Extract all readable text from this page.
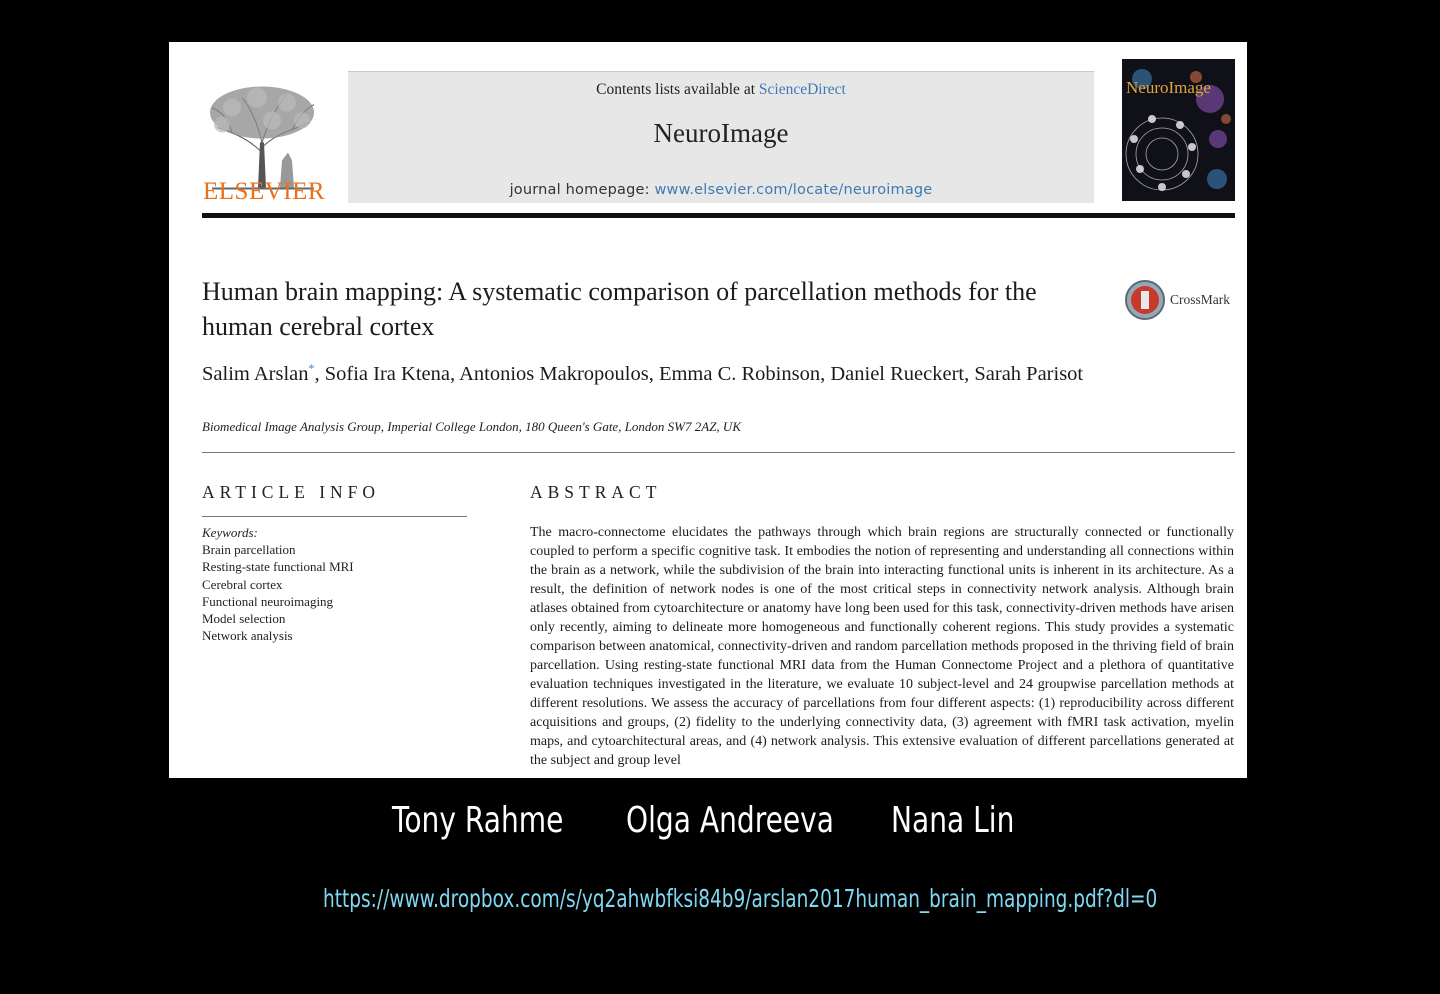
ELSEVIER
Contents lists available at ScienceDirect
NeuroImage
journal homepage: www.elsevier.com/locate/neuroimage
NeuroImage
Human brain mapping: A systematic comparison of parcellation methods for the human cerebral cortex
CrossMark
Salim Arslan*, Sofia Ira Ktena, Antonios Makropoulos, Emma C. Robinson, Daniel Rueckert, Sarah Parisot
Biomedical Image Analysis Group, Imperial College London, 180 Queen's Gate, London SW7 2AZ, UK
ARTICLE INFO	ABSTRACT
Keywords:
Brain parcellation
Resting-state functional MRI
Cerebral cortex
Functional neuroimaging
Model selection
Network analysis
The macro-connectome elucidates the pathways through which brain regions are structurally connected or functionally coupled to perform a specific cognitive task. It embodies the notion of representing and understanding all connections within the brain as a network, while the subdivision of the brain into interacting functional units is inherent in its architecture. As a result, the definition of network nodes is one of the most critical steps in connectivity network analysis. Although brain atlases obtained from cytoarchitecture or anatomy have long been used for this task, connectivity-driven methods have arisen only recently, aiming to delineate more homogeneous and functionally coherent regions. This study provides a systematic comparison between anatomical, connectivity-driven and random parcellation methods proposed in the thriving field of brain parcellation. Using resting-state functional MRI data from the Human Connectome Project and a plethora of quantitative evaluation techniques investigated in the literature, we evaluate 10 subject-level and 24 groupwise parcellation methods at different resolutions. We assess the accuracy of parcellations from four different aspects: (1) reproducibility across different acquisitions and groups, (2) fidelity to the underlying connectivity data, (3) agreement with fMRI task activation, myelin maps, and cytoarchitectural areas, and (4) network analysis. This extensive evaluation of different parcellations generated at the subject and group level
Tony Rahme Olga Andreeva Nana Lin
https://www.dropbox.com/s/yq2ahwbfksi84b9/arslan2017human_brain_mapping.pdf?dl=0
